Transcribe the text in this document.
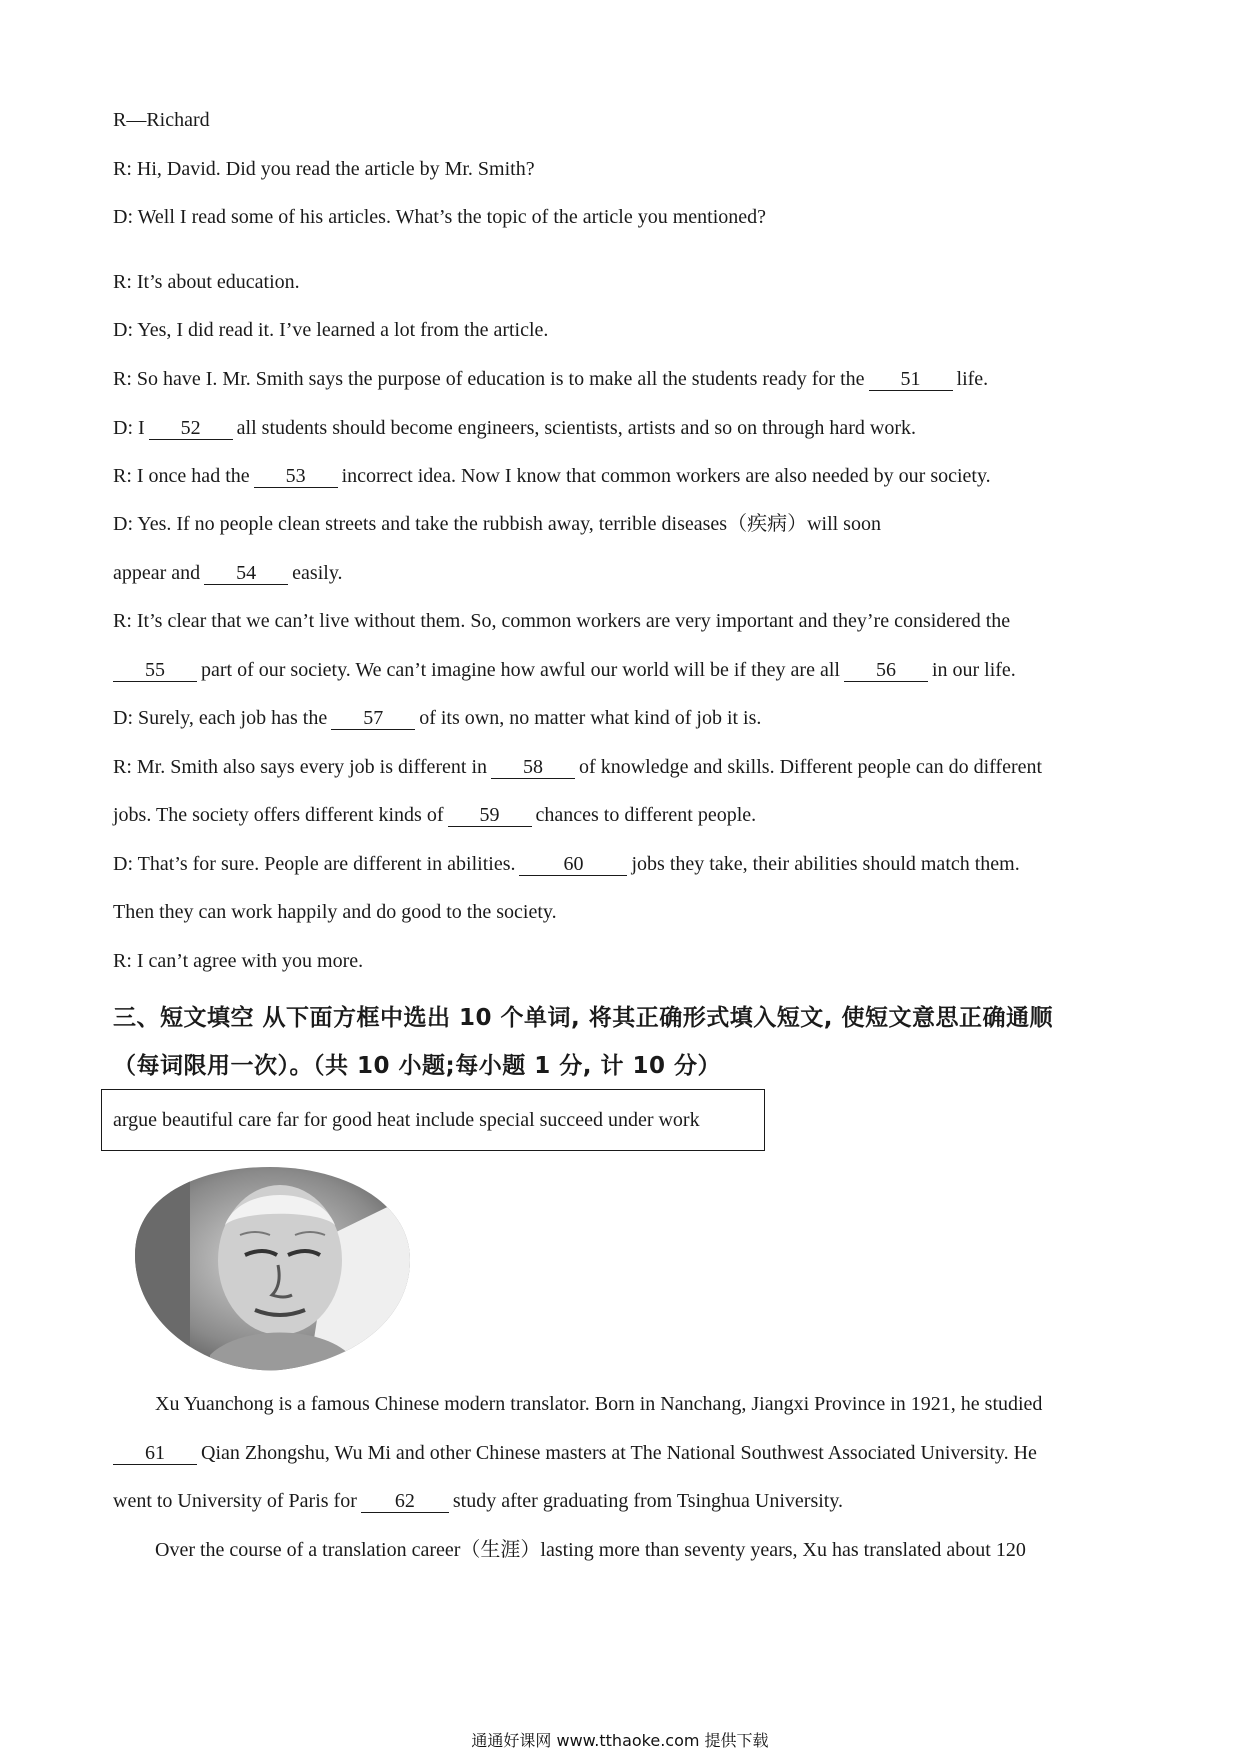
R—Richard
R: Hi, David. Did you read the article by Mr. Smith?
D: Well I read some of his articles. What’s the topic of the article you mentioned?
R: It’s about education.
D: Yes, I did read it. I’ve learned a lot from the article.
R: So have I. Mr. Smith says the purpose of education is to make all the students ready for the 51 life.
D: I 52 all students should become engineers, scientists, artists and so on through hard work.
R: I once had the 53 incorrect idea. Now I know that common workers are also needed by our society.
D: Yes. If no people clean streets and take the rubbish away, terrible diseases（疾病）will soon
appear and 54 easily.
R: It’s clear that we can’t live without them. So, common workers are very important and they’re considered the
55 part of our society. We can’t imagine how awful our world will be if they are all 56 in our life.
D: Surely, each job has the 57 of its own, no matter what kind of job it is.
R: Mr. Smith also says every job is different in 58 of knowledge and skills. Different people can do different
jobs. The society offers different kinds of 59 chances to different people.
D: That’s for sure. People are different in abilities. 60 jobs they take, their abilities should match them.
Then they can work happily and do good to the society.
R: I can’t agree with you more.
三、短文填空 从下面方框中选出 10 个单词, 将其正确形式填入短文, 使短文意思正确通顺
（每词限用一次）。（共 10 小题;每小题 1 分, 计 10 分）
argue beautiful care far for good heat include special succeed under work
Xu Yuanchong is a famous Chinese modern translator. Born in Nanchang, Jiangxi Province in 1921, he studied
61 Qian Zhongshu, Wu Mi and other Chinese masters at The National Southwest Associated University. He
went to University of Paris for 62 study after graduating from Tsinghua University.
Over the course of a translation career（生涯）lasting more than seventy years, Xu has translated about 120
通通好课网 www.tthaoke.com 提供下载
